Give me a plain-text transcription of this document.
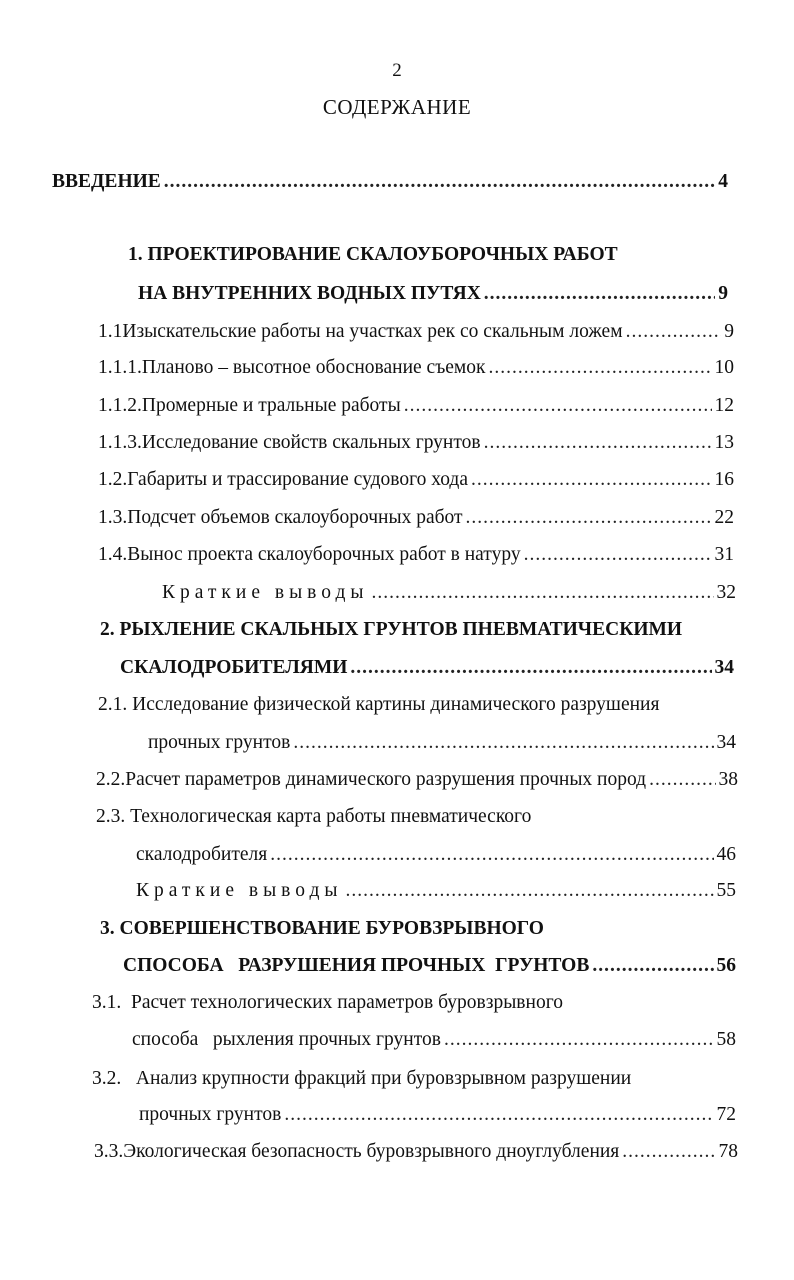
2
СОДЕРЖАНИЕ
ВВЕДЕНИЕ .....	4
1. ПРОЕКТИРОВАНИЕ СКАЛОУБОРОЧНЫХ РАБОТ
НА ВНУТРЕННИХ ВОДНЫХ ПУТЯХ .....	9
1.1 Изыскательские работы на участках рек со скальным ложем .....	9
1.1.1. Планово – высотное обоснование съемок .....	10
1.1.2. Промерные и тральные работы .....	12
1.1.3. Исследование свойств скальных грунтов .....	13
1.2. Габариты и трассирование судового хода .....	16
1.3. Подсчет объемов скалоуборочных работ .....	22
1.4. Вынос проекта скалоуборочных работ в натуру .....	31
Краткие выводы .....	32
2. РЫХЛЕНИЕ СКАЛЬНЫХ ГРУНТОВ ПНЕВМАТИЧЕСКИМИ
СКАЛОДРОБИТЕЛЯМИ .....	34
2.1. Исследование физической картины динамического разрушения
прочных грунтов .....	34
2.2. Расчет параметров динамического разрушения прочных пород .....	38
2.3. Технологическая карта работы пневматического
скалодробителя .....	46
Краткие выводы .....	55
3. СОВЕРШЕНСТВОВАНИЕ БУРОВЗРЫВНОГО
СПОСОБА   РАЗРУШЕНИЯ ПРОЧНЫХ  ГРУНТОВ .....	56
3.1.  Расчет технологических параметров буровзрывного
способа   рыхления прочных грунтов .....	58
3.2.   Анализ крупности фракций при буровзрывном разрушении
прочных грунтов .....	72
3.3. Экологическая безопасность буровзрывного дноуглубления .....	78
